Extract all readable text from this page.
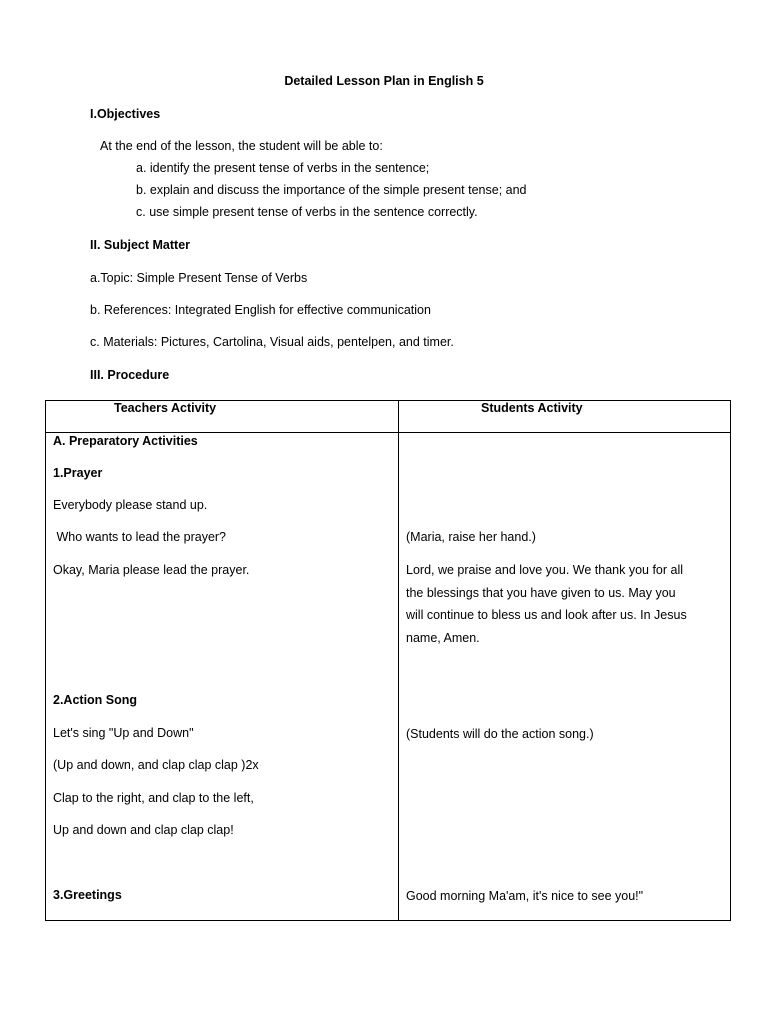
Detailed Lesson Plan in English 5
I.Objectives
At the end of the lesson, the student will be able to:
a. identify the present tense of verbs in the sentence;
b. explain and discuss the importance of the simple present tense; and
c. use simple present tense of verbs in the sentence correctly.
II. Subject Matter
a.Topic: Simple Present Tense of Verbs
b. References: Integrated English for effective communication
c. Materials: Pictures, Cartolina, Visual aids, pentelpen, and timer.
III. Procedure
Teachers Activity	Students Activity
A. Preparatory Activities
1.Prayer
Everybody please stand up.
Who wants to lead the prayer?
Okay, Maria please lead the prayer.
2.Action Song
Let's sing "Up and Down"
(Up and down, and clap clap clap )2x
Clap to the right, and clap to the left,
Up and down and clap clap clap!
3.Greetings
(Maria, raise her hand.)
Lord, we praise and love you. We thank you for all
the blessings that you have given to us. May you
will continue to bless us and look after us. In Jesus
name, Amen.
(Students will do the action song.)
Good morning Ma'am, it's nice to see you!"
